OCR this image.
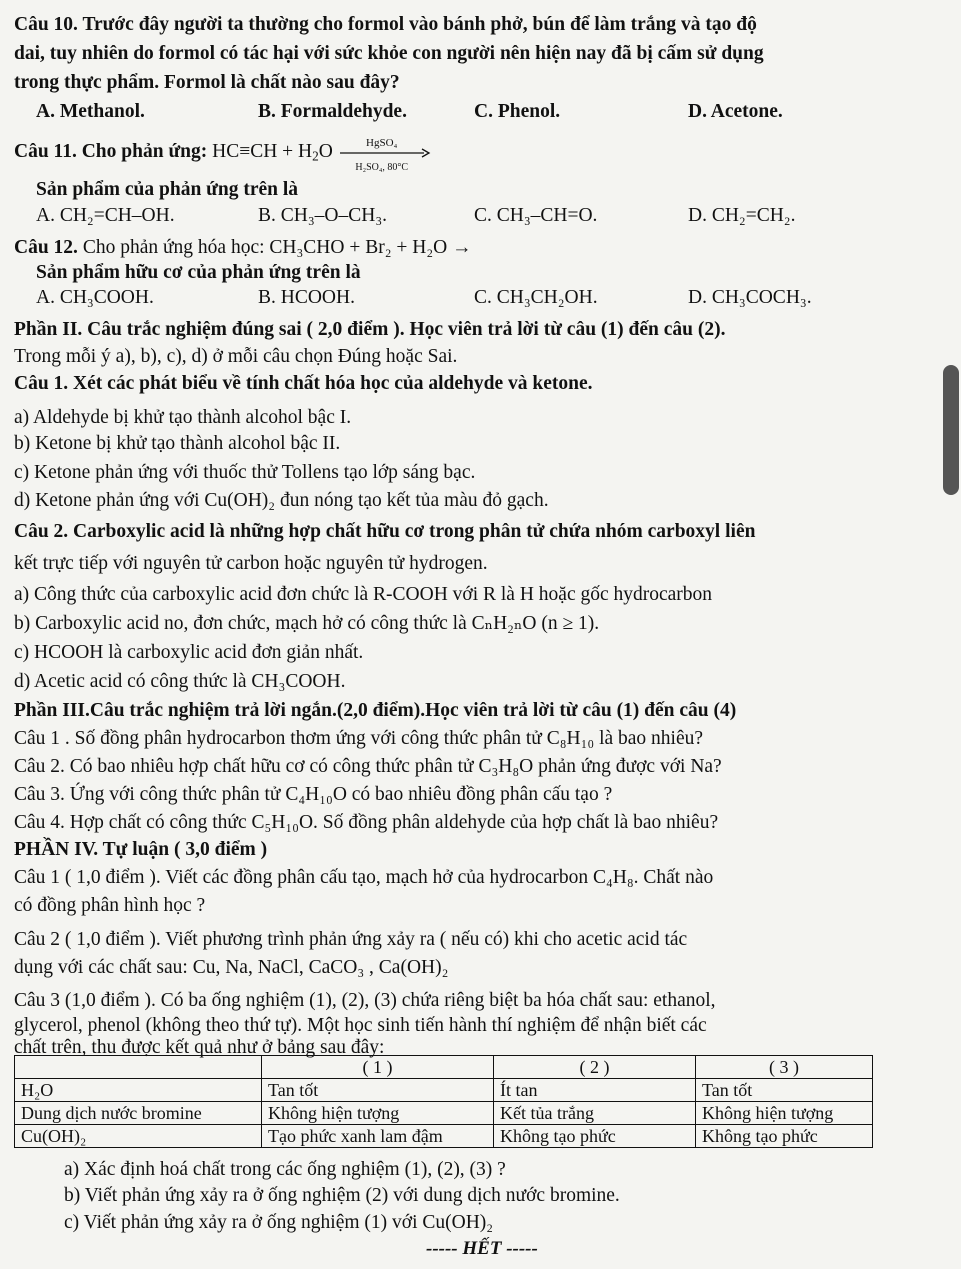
Câu 10. Trước đây người ta thường cho formol vào bánh phở, bún để làm trắng và tạo độ
dai, tuy nhiên do formol có tác hại với sức khỏe con người nên hiện nay đã bị cấm sử dụng
trong thực phẩm. Formol là chất nào sau đây?
A. Methanol.	B. Formaldehyde.	C. Phenol.	D. Acetone.
Câu 11. Cho phản ứng: $HC\equiv CH + H_2O$	HgSO₄
H₂SO₄, 80°C
Sản phẩm của phản ứng trên là
A. CH₂=CH–OH.	B. CH₃–O–CH₃.	C. CH₃–CH=O.	D. CH₂=CH₂.
Câu 12. Cho phản ứng hóa học: CH₃CHO + Br₂ + H₂O →
Sản phẩm hữu cơ của phản ứng trên là
A. CH₃COOH.	B. HCOOH.	C. CH₃CH₂OH.	D. CH₃COCH₃.
Phần II. Câu trắc nghiệm đúng sai ( 2,0 điểm ). Học viên trả lời từ câu (1) đến câu (2).
Trong mỗi ý a), b), c), d) ở mỗi câu chọn Đúng hoặc Sai.
Câu 1. Xét các phát biểu về tính chất hóa học của aldehyde và ketone.
a) Aldehyde bị khử tạo thành alcohol bậc I.
b) Ketone bị khử tạo thành alcohol bậc II.
c) Ketone phản ứng với thuốc thử Tollens tạo lớp sáng bạc.
d) Ketone phản ứng với Cu(OH)₂ đun nóng tạo kết tủa màu đỏ gạch.
Câu 2. Carboxylic acid là những hợp chất hữu cơ trong phân tử chứa nhóm carboxyl liên
kết trực tiếp với nguyên tử carbon hoặc nguyên tử hydrogen.
a) Công thức của carboxylic acid đơn chức là R-COOH với R là H hoặc gốc hydrocarbon
b) Carboxylic acid no, đơn chức, mạch hở có công thức là CₙH₂ₙO (n ≥ 1).
c) HCOOH là carboxylic acid đơn giản nhất.
d) Acetic acid có công thức là CH₃COOH.
Phần III.Câu trắc nghiệm trả lời ngắn.(2,0 điểm).Học viên trả lời từ câu (1) đến câu (4)
Câu 1 . Số đồng phân hydrocarbon thơm ứng với công thức phân tử C₈H₁₀ là bao nhiêu?
Câu 2. Có bao nhiêu hợp chất hữu cơ có công thức phân tử C₃H₈O phản ứng được với Na?
Câu 3. Ứng với công thức phân tử C₄H₁₀O có bao nhiêu đồng phân cấu tạo ?
Câu 4. Hợp chất có công thức C₅H₁₀O. Số đồng phân aldehyde của hợp chất là bao nhiêu?
PHẦN IV. Tự luận ( 3,0 điểm )
Câu 1 ( 1,0 điểm ). Viết các đồng phân cấu tạo, mạch hở của hydrocarbon C₄H₈. Chất nào
có đồng phân hình học ?
Câu 2 ( 1,0 điểm ). Viết phương trình phản ứng xảy ra ( nếu có) khi cho acetic acid tác
dụng với các chất sau: Cu, Na, NaCl, CaCO₃ , Ca(OH)₂
Câu 3 (1,0 điểm ). Có ba ống nghiệm (1), (2), (3) chứa riêng biệt ba hóa chất sau: ethanol,
glycerol, phenol (không theo thứ tự). Một học sinh tiến hành thí nghiệm để nhận biết các
chất trên, thu được kết quả như ở bảng sau đây:
	( 1 )	( 2 )	( 3 )
H₂O	Tan tốt	Ít tan	Tan tốt
Dung dịch nước bromine	Không hiện tượng	Kết tủa trắng	Không hiện tượng
Cu(OH)₂	Tạo phức xanh lam đậm	Không tạo phức	Không tạo phức
a) Xác định hoá chất trong các ống nghiệm (1), (2), (3) ?
b) Viết phản ứng xảy ra ở ống nghiệm (2) với dung dịch nước bromine.
c) Viết phản ứng xảy ra ở ống nghiệm (1) với Cu(OH)₂
----- HẾT -----
